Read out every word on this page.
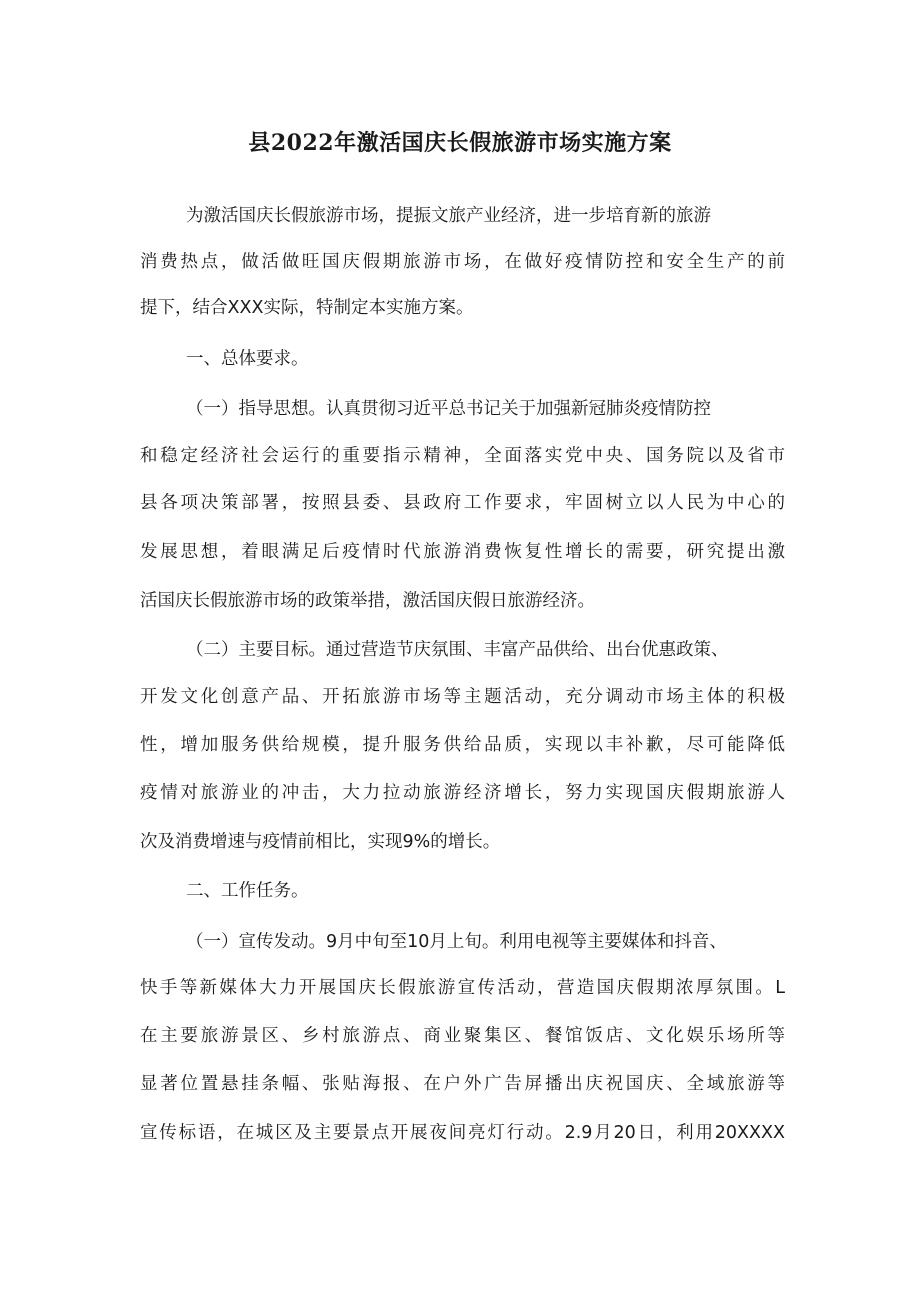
县2022年激活国庆长假旅游市场实施方案
为激活国庆长假旅游市场，提振文旅产业经济，进一步培育新的旅游
消费热点，做活做旺国庆假期旅游市场，在做好疫情防控和安全生产的前
提下，结合XXX实际，特制定本实施方案。
一、总体要求。
（一）指导思想。认真贯彻习近平总书记关于加强新冠肺炎疫情防控
和稳定经济社会运行的重要指示精神，全面落实党中央、国务院以及省市
县各项决策部署，按照县委、县政府工作要求，牢固树立以人民为中心的
发展思想，着眼满足后疫情时代旅游消费恢复性增长的需要，研究提出激
活国庆长假旅游市场的政策举措，激活国庆假日旅游经济。
（二）主要目标。通过营造节庆氛围、丰富产品供给、出台优惠政策、
开发文化创意产品、开拓旅游市场等主题活动，充分调动市场主体的积极
性，增加服务供给规模，提升服务供给品质，实现以丰补歉，尽可能降低
疫情对旅游业的冲击，大力拉动旅游经济增长，努力实现国庆假期旅游人
次及消费增速与疫情前相比，实现9%的增长。
二、工作任务。
（一）宣传发动。9月中旬至10月上旬。利用电视等主要媒体和抖音、
快手等新媒体大力开展国庆长假旅游宣传活动，营造国庆假期浓厚氛围。L
在主要旅游景区、乡村旅游点、商业聚集区、餐馆饭店、文化娱乐场所等
显著位置悬挂条幅、张贴海报、在户外广告屏播出庆祝国庆、全域旅游等
宣传标语，在城区及主要景点开展夜间亮灯行动。2.9月20日，利用20XXXX
